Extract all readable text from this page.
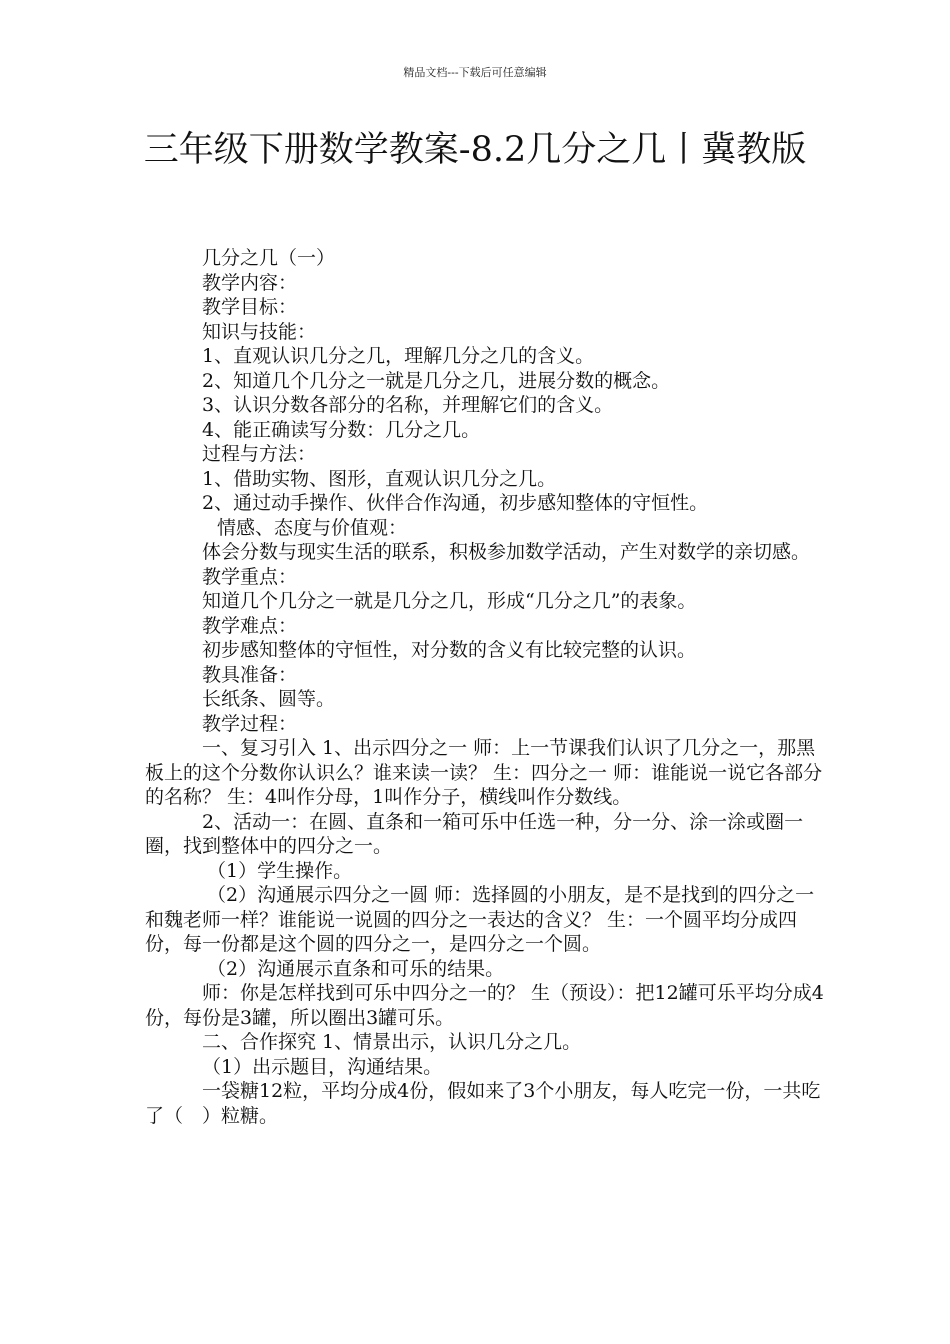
精品文档---下载后可任意编辑
三年级下册数学教案-8.2几分之几丨冀教版

几分之几（一）

教学内容：

教学目标：

知识与技能：

1、直观认识几分之几，理解几分之几的含义。

2、知道几个几分之一就是几分之几，进展分数的概念。

3、认识分数各部分的名称，并理解它们的含义。

4、能正确读写分数：几分之几。

过程与方法：

1、借助实物、图形，直观认识几分之几。

2、通过动手操作、伙伴合作沟通，初步感知整体的守恒性。

情感、态度与价值观：

体会分数与现实生活的联系，积极参加数学活动，产生对数学的亲切感。

教学重点：

知道几个几分之一就是几分之几，形成“几分之几”的表象。

教学难点：

初步感知整体的守恒性，对分数的含义有比较完整的认识。

教具准备：

长纸条、圆等。

教学过程：

一、复习引入 1、出示四分之一 师：上一节课我们认识了几分之一，那黑板上的这个分数你认识么？谁来读一读？ 生：四分之一 师：谁能说一说它各部分的名称？ 生：4叫作分母，1叫作分子，横线叫作分数线。

2、活动一：在圆、直条和一箱可乐中任选一种，分一分、涂一涂或圈一圈，找到整体中的四分之一。

（1）学生操作。

（2）沟通展示四分之一圆 师：选择圆的小朋友，是不是找到的四分之一和魏老师一样？谁能说一说圆的四分之一表达的含义？ 生：一个圆平均分成四份，每一份都是这个圆的四分之一，是四分之一个圆。

（2）沟通展示直条和可乐的结果。

师：你是怎样找到可乐中四分之一的？ 生（预设）：把12罐可乐平均分成4份，每份是3罐，所以圈出3罐可乐。

二、合作探究 1、情景出示，认识几分之几。

（1）出示题目，沟通结果。

一袋糖12粒，平均分成4份，假如来了3个小朋友，每人吃完一份，一共吃了（　）粒糖。
